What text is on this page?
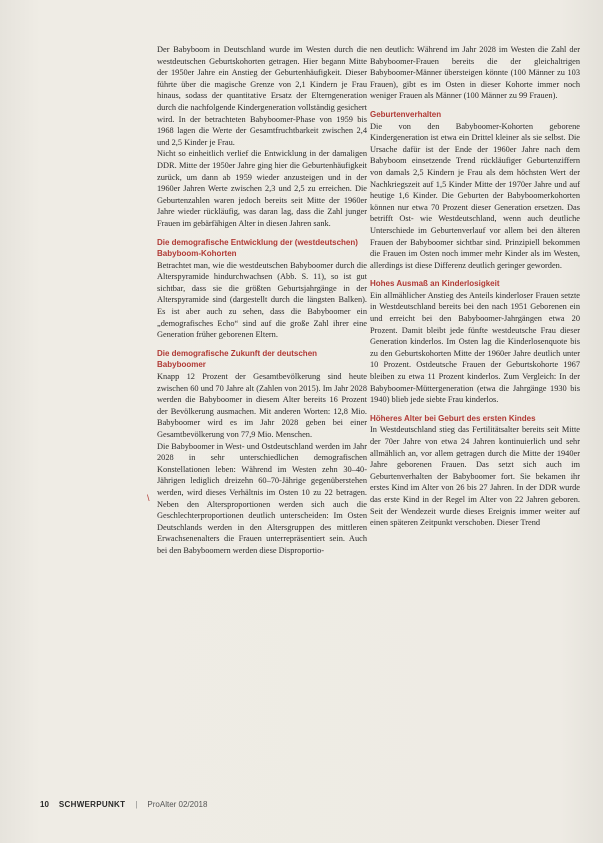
Der Babyboom in Deutschland wurde im Westen durch die westdeutschen Geburtskohorten getragen. Hier begann Mitte der 1950er Jahre ein Anstieg der Geburtenhäufigkeit. Dieser führte über die magische Grenze von 2,1 Kindern je Frau hinaus, sodass der quantitative Ersatz der Elterngeneration durch die nachfolgende Kindergeneration vollständig gesichert wird. In der betrachteten Babyboomer-Phase von 1959 bis 1968 lagen die Werte der Gesamtfruchtbarkeit zwischen 2,4 und 2,5 Kinder je Frau.

Nicht so einheitlich verlief die Entwicklung in der damaligen DDR. Mitte der 1950er Jahre ging hier die Geburtenhäufigkeit zurück, um dann ab 1959 wieder anzusteigen und in der 1960er Jahren Werte zwischen 2,3 und 2,5 zu erreichen. Die Geburtenzahlen waren jedoch bereits seit Mitte der 1960er Jahre wieder rückläufig, was daran lag, dass die Zahl junger Frauen im gebärfähigen Alter in diesen Jahren sank.

Die demografische Entwicklung der (westdeutschen) Babyboom-Kohorten

Betrachtet man, wie die westdeutschen Babyboomer durch die Alterspyramide hindurchwachsen (Abb. S. 11), so ist gut sichtbar, dass sie die größten Geburtsjahrgänge in der Alterspyramide sind (dargestellt durch die längsten Balken). Es ist aber auch zu sehen, dass die Babyboomer ein „demografisches Echo“ sind auf die große Zahl ihrer eine Generation früher geborenen Eltern.

Die demografische Zukunft der deutschen Babyboomer

Knapp 12 Prozent der Gesamtbevölkerung sind heute zwischen 60 und 70 Jahre alt (Zahlen von 2015). Im Jahr 2028 werden die Babyboomer in diesem Alter bereits 16 Prozent der Bevölkerung ausmachen. Mit anderen Worten: 12,8 Mio. Babyboomer wird es im Jahr 2028 geben bei einer Gesamtbevölkerung von 77,9 Mio. Menschen.

Die Babyboomer in West- und Ostdeutschland werden im Jahr 2028 in sehr unterschiedlichen demografischen Konstellationen leben: Während im Westen zehn 30–40-Jährigen lediglich dreizehn 60–70-Jährige gegenüberstehen werden, wird dieses Verhältnis im Osten 10 zu 22 betragen. Neben den Altersproportionen werden sich auch die Geschlechterproportionen deutlich unterscheiden: Im Osten Deutschlands werden in den Altersgruppen des mittleren Erwachsenenalters die Frauen unterrepräsentiert sein. Auch bei den Babyboomern werden diese Disproportio-

\

nen deutlich: Während im Jahr 2028 im Westen die Zahl der Babyboomer-Frauen bereits die der gleichaltrigen Babyboomer-Männer übersteigen könnte (100 Männer zu 103 Frauen), gibt es im Osten in dieser Kohorte immer noch weniger Frauen als Männer (100 Männer zu 99 Frauen).

Geburtenverhalten

Die von den Babyboomer-Kohorten geborene Kindergeneration ist etwa ein Drittel kleiner als sie selbst. Die Ursache dafür ist der Ende der 1960er Jahre nach dem Babyboom einsetzende Trend rückläufiger Geburtenziffern von damals 2,5 Kindern je Frau als dem höchsten Wert der Nachkriegszeit auf 1,5 Kinder Mitte der 1970er Jahre und auf heutige 1,6 Kinder. Die Geburten der Babyboomerkohorten können nur etwa 70 Prozent dieser Generation ersetzen. Das betrifft Ost- wie Westdeutschland, wenn auch deutliche Unterschiede im Geburtenverlauf vor allem bei den älteren Frauen der Babyboomer sichtbar sind. Prinzipiell bekommen die Frauen im Osten noch immer mehr Kinder als im Westen, allerdings ist diese Differenz deutlich geringer geworden.

Hohes Ausmaß an Kinderlosigkeit

Ein allmählicher Anstieg des Anteils kinderloser Frauen setzte in Westdeutschland bereits bei den nach 1951 Geborenen ein und erreicht bei den Babyboomer-Jahrgängen etwa 20 Prozent. Damit bleibt jede fünfte westdeutsche Frau dieser Generation kinderlos. Im Osten lag die Kinderlosenquote bis zu den Geburtskohorten Mitte der 1960er Jahre deutlich unter 10 Prozent. Ostdeutsche Frauen der Geburtskohorte 1967 bleiben zu etwa 11 Prozent kinderlos. Zum Vergleich: In der Babyboomer-Müttergeneration (etwa die Jahrgänge 1930 bis 1940) blieb jede siebte Frau kinderlos.

Höheres Alter bei Geburt des ersten Kindes

In Westdeutschland stieg das Fertilitätsalter bereits seit Mitte der 70er Jahre von etwa 24 Jahren kontinuierlich und sehr allmählich an, vor allem getragen durch die Mitte der 1940er Jahre geborenen Frauen. Das setzt sich auch im Geburtenverhalten der Babyboomer fort. Sie bekamen ihr erstes Kind im Alter von 26 bis 27 Jahren. In der DDR wurde das erste Kind in der Regel im Alter von 22 Jahren geboren. Seit der Wendezeit wurde dieses Ereignis immer weiter auf einen späteren Zeitpunkt verschoben. Dieser Trend

10 SCHWERPUNKT | ProAlter 02/2018
